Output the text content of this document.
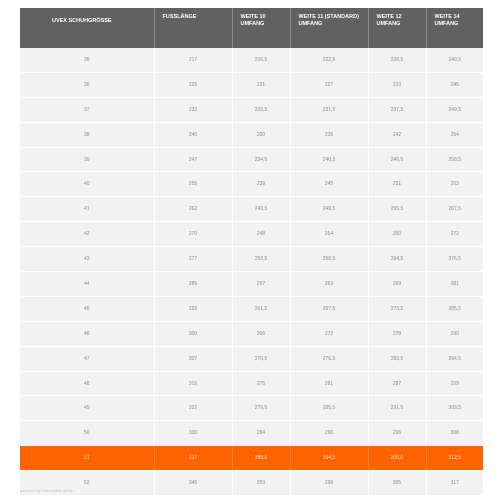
UVEX SCHUHGRÖSSE	FUSSLÄNGE	WEITE 10 UMFANG	WEITE 11 (STANDARD) UMFANG	WEITE 12 UMFANG	WEITE 14 UMFANG
35	217	216,5	222,5	228,5	240,5
36	225	221	227	233	245
37	232	225,5	231,5	237,5	249,5
38	240	230	236	242	254
39	247	234,5	240,5	246,5	258,5
40	255	239	245	251	263
41	262	243,5	249,5	255,5	267,5
42	270	248	254	260	272
43	277	252,5	258,5	264,5	276,5
44	285	257	263	269	281
45	292	261,5	267,5	273,5	285,5
46	300	266	272	278	290
47	307	270,5	276,5	282,5	294,5
48	315	275	281	287	299
49	322	279,5	285,5	291,5	303,5
50	330	284	290	296	308
51	337	288,5	294,5	300,5	312,5
52	345	293	299	305	317
powered by uvex safety group
